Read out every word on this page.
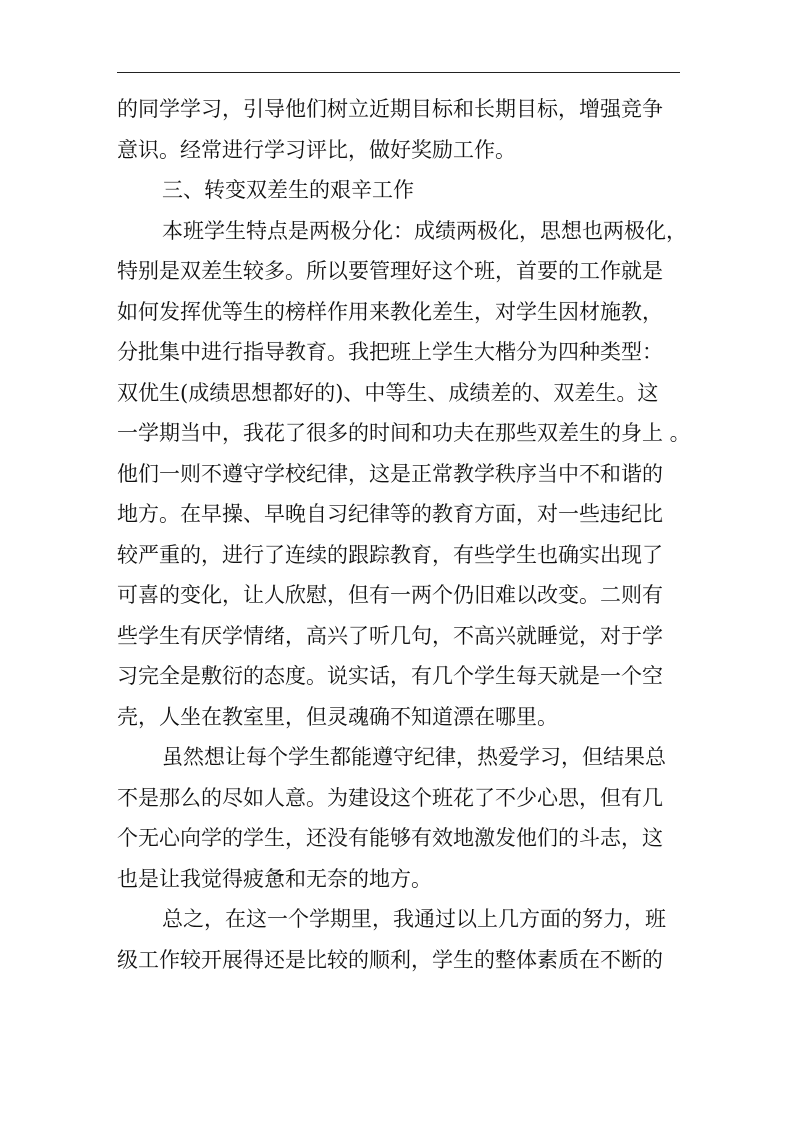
的同学学习，引导他们树立近期目标和长期目标，增强竞争
意识。经常进行学习评比，做好奖励工作。
三、转变双差生的艰辛工作
本班学生特点是两极分化：成绩两极化，思想也两极化，
特别是双差生较多。所以要管理好这个班，首要的工作就是
如何发挥优等生的榜样作用来教化差生，对学生因材施教，
分批集中进行指导教育。我把班上学生大楷分为四种类型：
双优生(成绩思想都好的)、中等生、成绩差的、双差生。这
一学期当中，我花了很多的时间和功夫在那些双差生的身上 。
他们一则不遵守学校纪律，这是正常教学秩序当中不和谐的
地方。在早操、早晚自习纪律等的教育方面，对一些违纪比
较严重的，进行了连续的跟踪教育，有些学生也确实出现了
可喜的变化，让人欣慰，但有一两个仍旧难以改变。二则有
些学生有厌学情绪，高兴了听几句，不高兴就睡觉，对于学
习完全是敷衍的态度。说实话，有几个学生每天就是一个空
壳，人坐在教室里，但灵魂确不知道漂在哪里。
虽然想让每个学生都能遵守纪律，热爱学习，但结果总
不是那么的尽如人意。为建设这个班花了不少心思，但有几
个无心向学的学生，还没有能够有效地激发他们的斗志，这
也是让我觉得疲惫和无奈的地方。
总之，在这一个学期里，我通过以上几方面的努力，班
级工作较开展得还是比较的顺利，学生的整体素质在不断的
